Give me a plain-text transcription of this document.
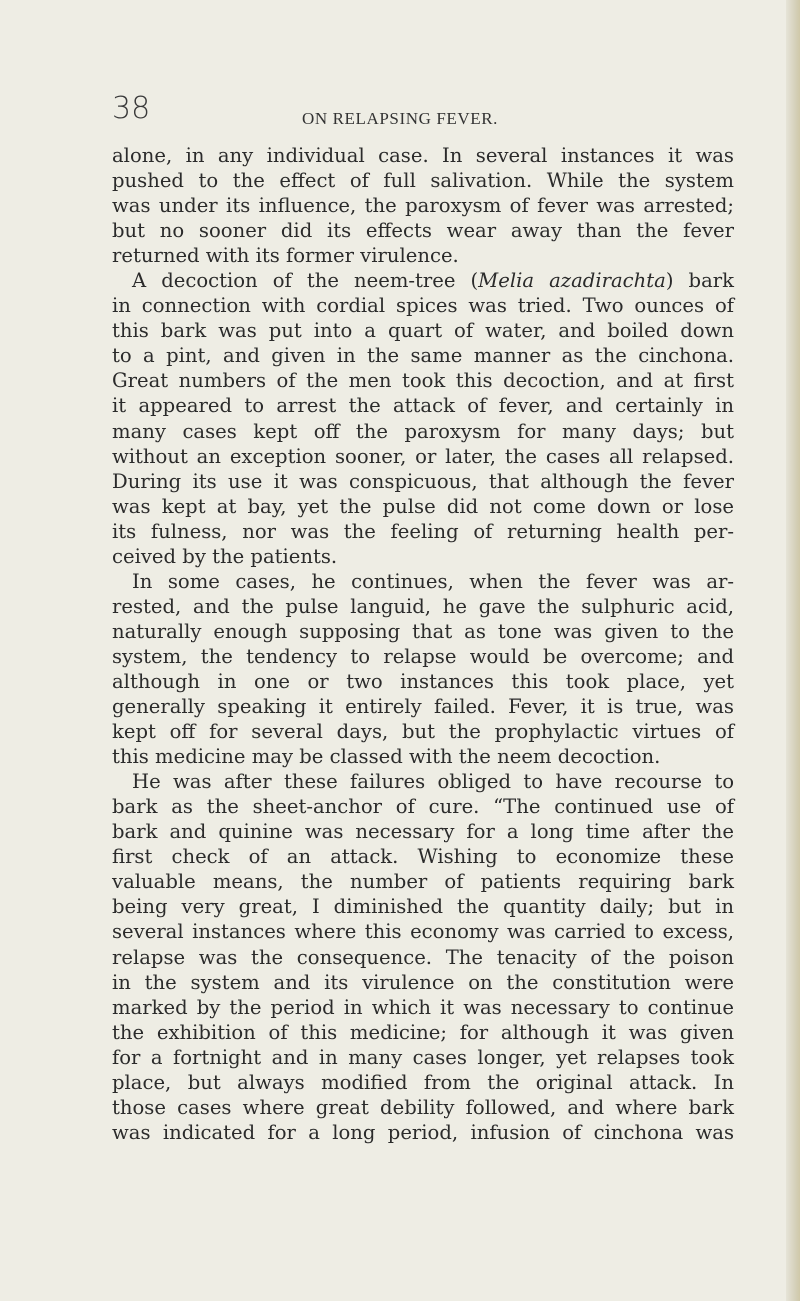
38	ON RELAPSING FEVER.
alone, in any individual case. In several instances it was
pushed to the effect of full salivation. While the system
was under its influence, the paroxysm of fever was arrested;
but no sooner did its effects wear away than the fever
returned with its former virulence.
A decoction of the neem-tree (Melia azadirachta) bark
in connection with cordial spices was tried. Two ounces of
this bark was put into a quart of water, and boiled down
to a pint, and given in the same manner as the cinchona.
Great numbers of the men took this decoction, and at first
it appeared to arrest the attack of fever, and certainly in
many cases kept off the paroxysm for many days; but
without an exception sooner, or later, the cases all relapsed.
During its use it was conspicuous, that although the fever
was kept at bay, yet the pulse did not come down or lose
its fulness, nor was the feeling of returning health per-
ceived by the patients.
In some cases, he continues, when the fever was ar-
rested, and the pulse languid, he gave the sulphuric acid,
naturally enough supposing that as tone was given to the
system, the tendency to relapse would be overcome; and
although in one or two instances this took place, yet
generally speaking it entirely failed. Fever, it is true, was
kept off for several days, but the prophylactic virtues of
this medicine may be classed with the neem decoction.
He was after these failures obliged to have recourse to
bark as the sheet-anchor of cure. “The continued use of
bark and quinine was necessary for a long time after the
first check of an attack. Wishing to economize these
valuable means, the number of patients requiring bark
being very great, I diminished the quantity daily; but in
several instances where this economy was carried to excess,
relapse was the consequence. The tenacity of the poison
in the system and its virulence on the constitution were
marked by the period in which it was necessary to continue
the exhibition of this medicine; for although it was given
for a fortnight and in many cases longer, yet relapses took
place, but always modified from the original attack. In
those cases where great debility followed, and where bark
was indicated for a long period, infusion of cinchona was
